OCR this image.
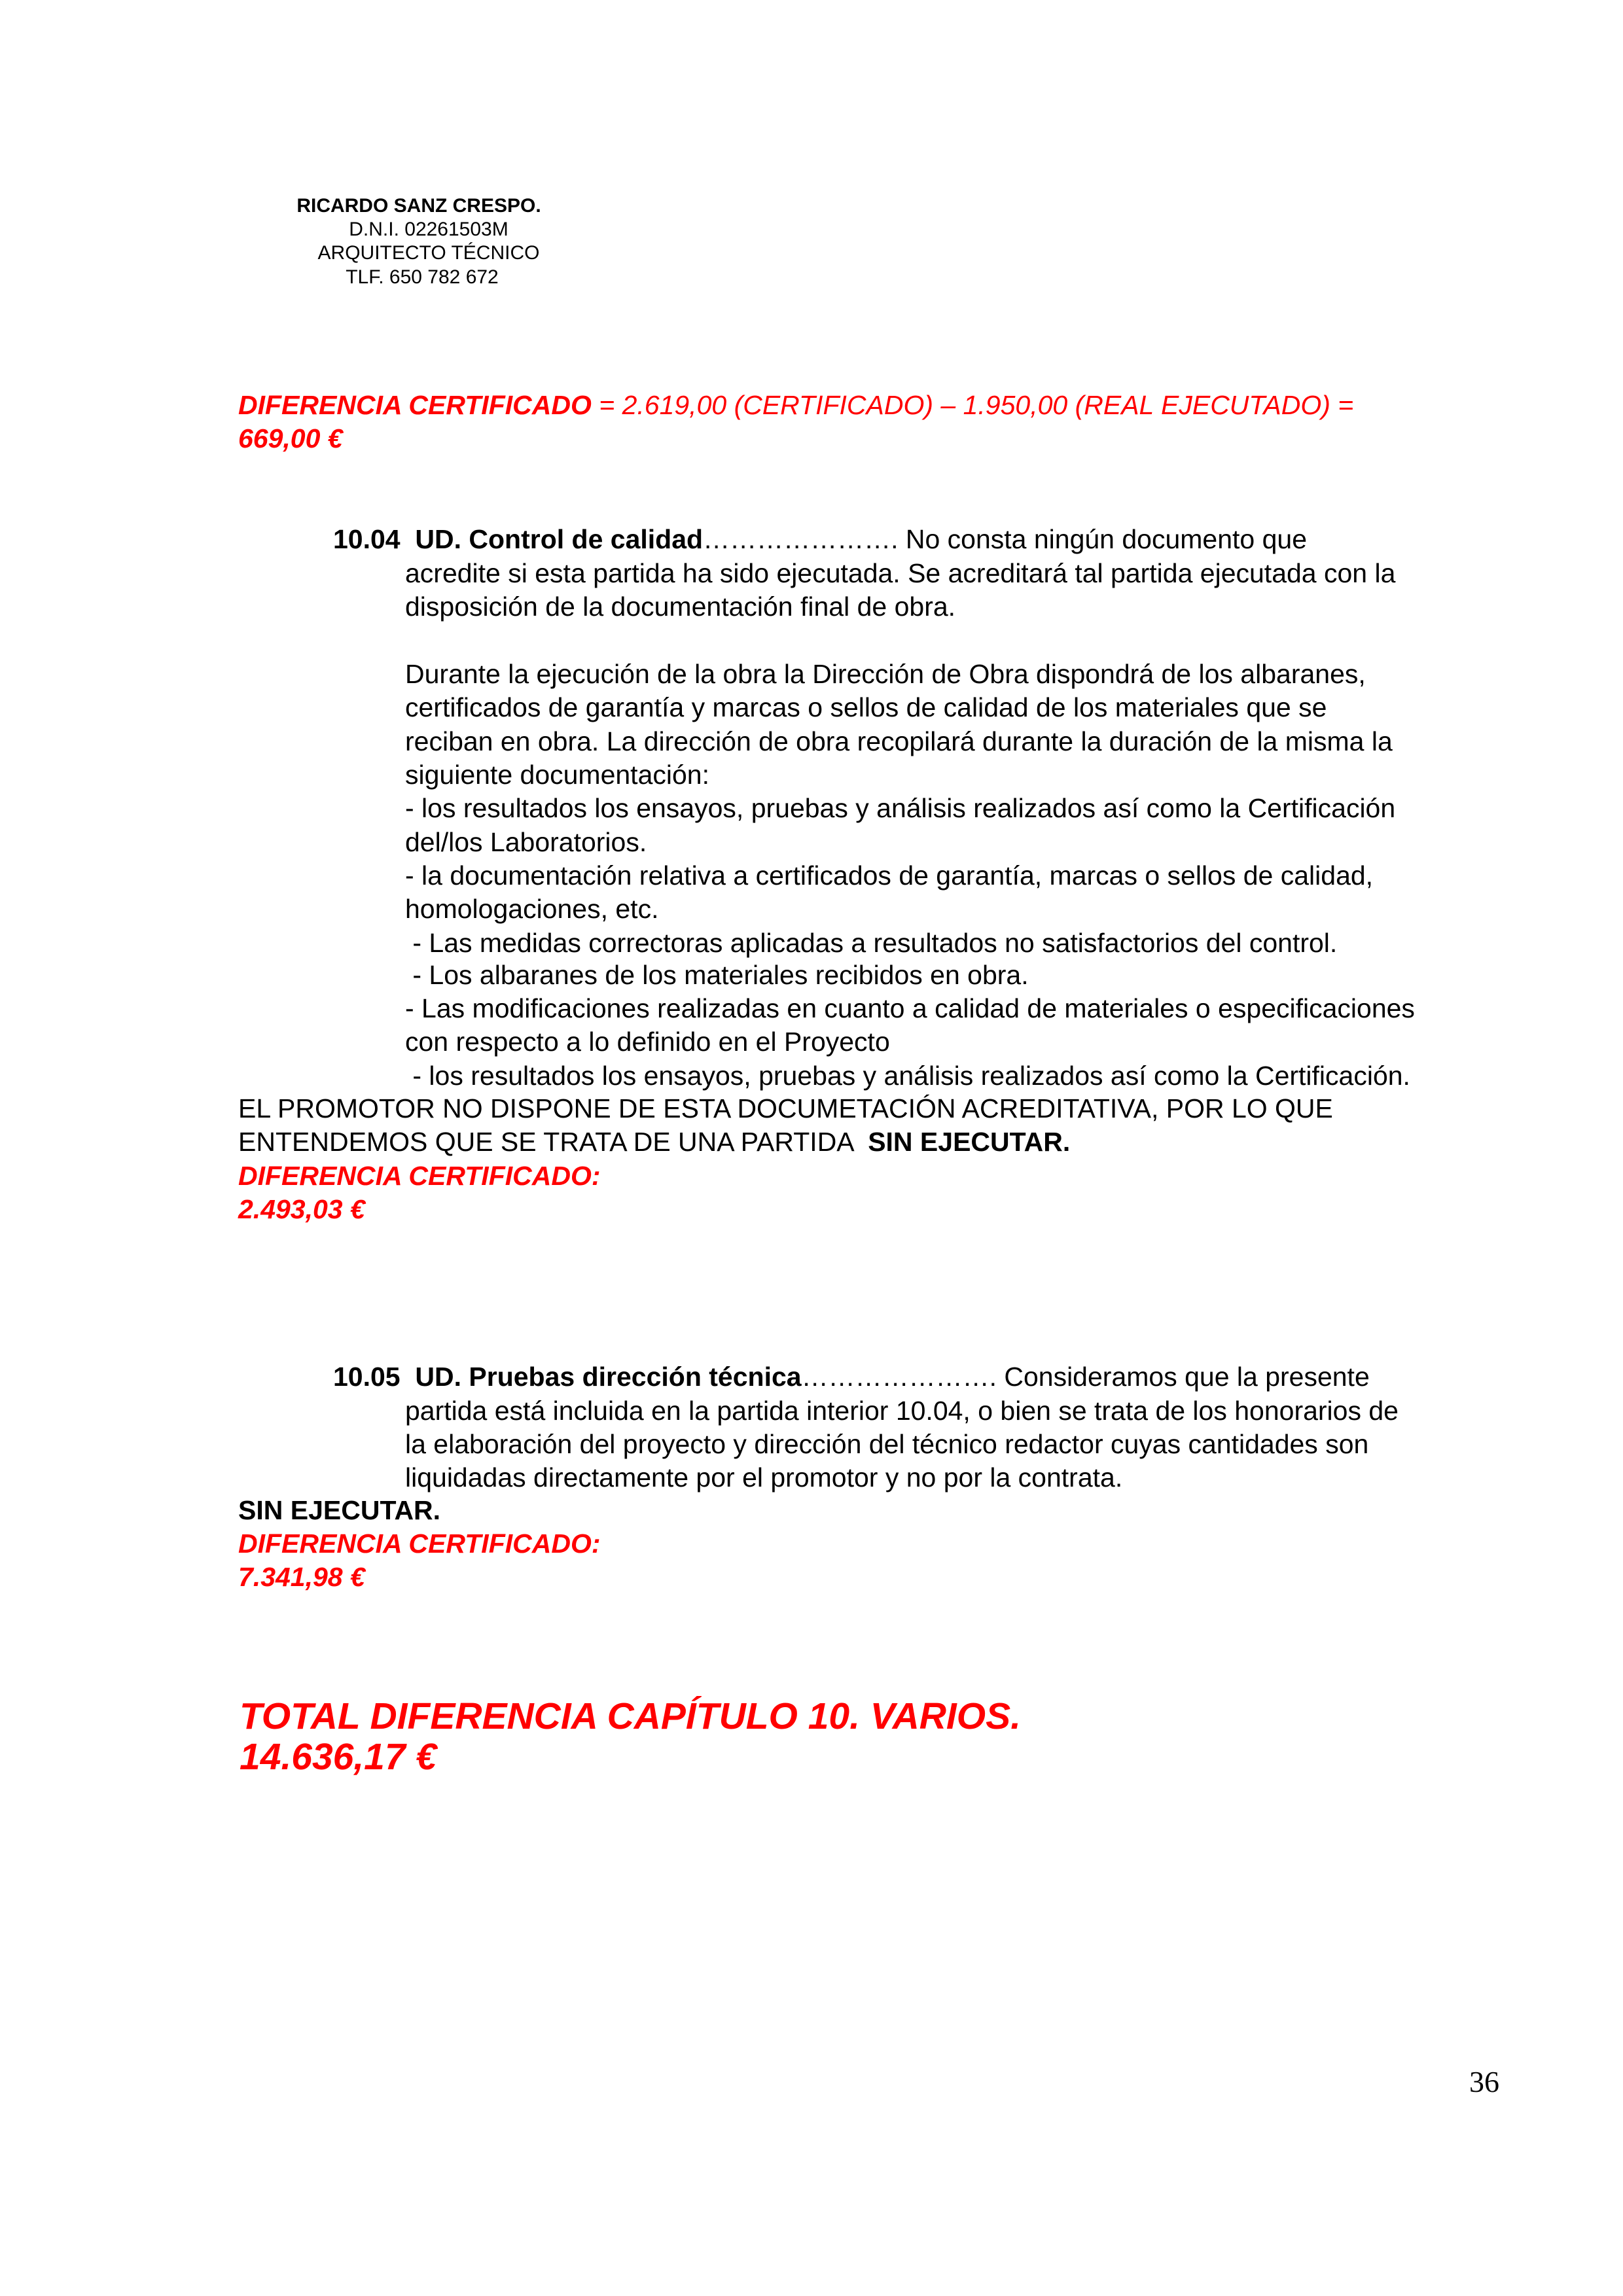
RICARDO SANZ CRESPO.
D.N.I. 02261503M
ARQUITECTO TÉCNICO
TLF. 650 782 672
DIFERENCIA CERTIFICADO = 2.619,00 (CERTIFICADO) – 1.950,00 (REAL EJECUTADO) =
669,00 €
10.04 UD. Control de calidad…………………. No consta ningún documento que
acredite si esta partida ha sido ejecutada. Se acreditará tal partida ejecutada con la
disposición de la documentación final de obra.
Durante la ejecución de la obra la Dirección de Obra dispondrá de los albaranes,
certificados de garantía y marcas o sellos de calidad de los materiales que se
reciban en obra. La dirección de obra recopilará durante la duración de la misma la
siguiente documentación:
- los resultados los ensayos, pruebas y análisis realizados así como la Certificación
del/los Laboratorios.
- la documentación relativa a certificados de garantía, marcas o sellos de calidad,
homologaciones, etc.
- Las medidas correctoras aplicadas a resultados no satisfactorios del control.
- Los albaranes de los materiales recibidos en obra.
- Las modificaciones realizadas en cuanto a calidad de materiales o especificaciones
con respecto a lo definido en el Proyecto
- los resultados los ensayos, pruebas y análisis realizados así como la Certificación.
EL PROMOTOR NO DISPONE DE ESTA DOCUMETACIÓN ACREDITATIVA, POR LO QUE
ENTENDEMOS QUE SE TRATA DE UNA PARTIDA  SIN EJECUTAR.
DIFERENCIA CERTIFICADO:
2.493,03 €
10.05 UD. Pruebas dirección técnica…………………. Consideramos que la presente
partida está incluida en la partida interior 10.04, o bien se trata de los honorarios de
la elaboración del proyecto y dirección del técnico redactor cuyas cantidades son
liquidadas directamente por el promotor y no por la contrata.
SIN EJECUTAR.
DIFERENCIA CERTIFICADO:
7.341,98 €
TOTAL DIFERENCIA CAPÍTULO 10. VARIOS.
14.636,17 €
36
